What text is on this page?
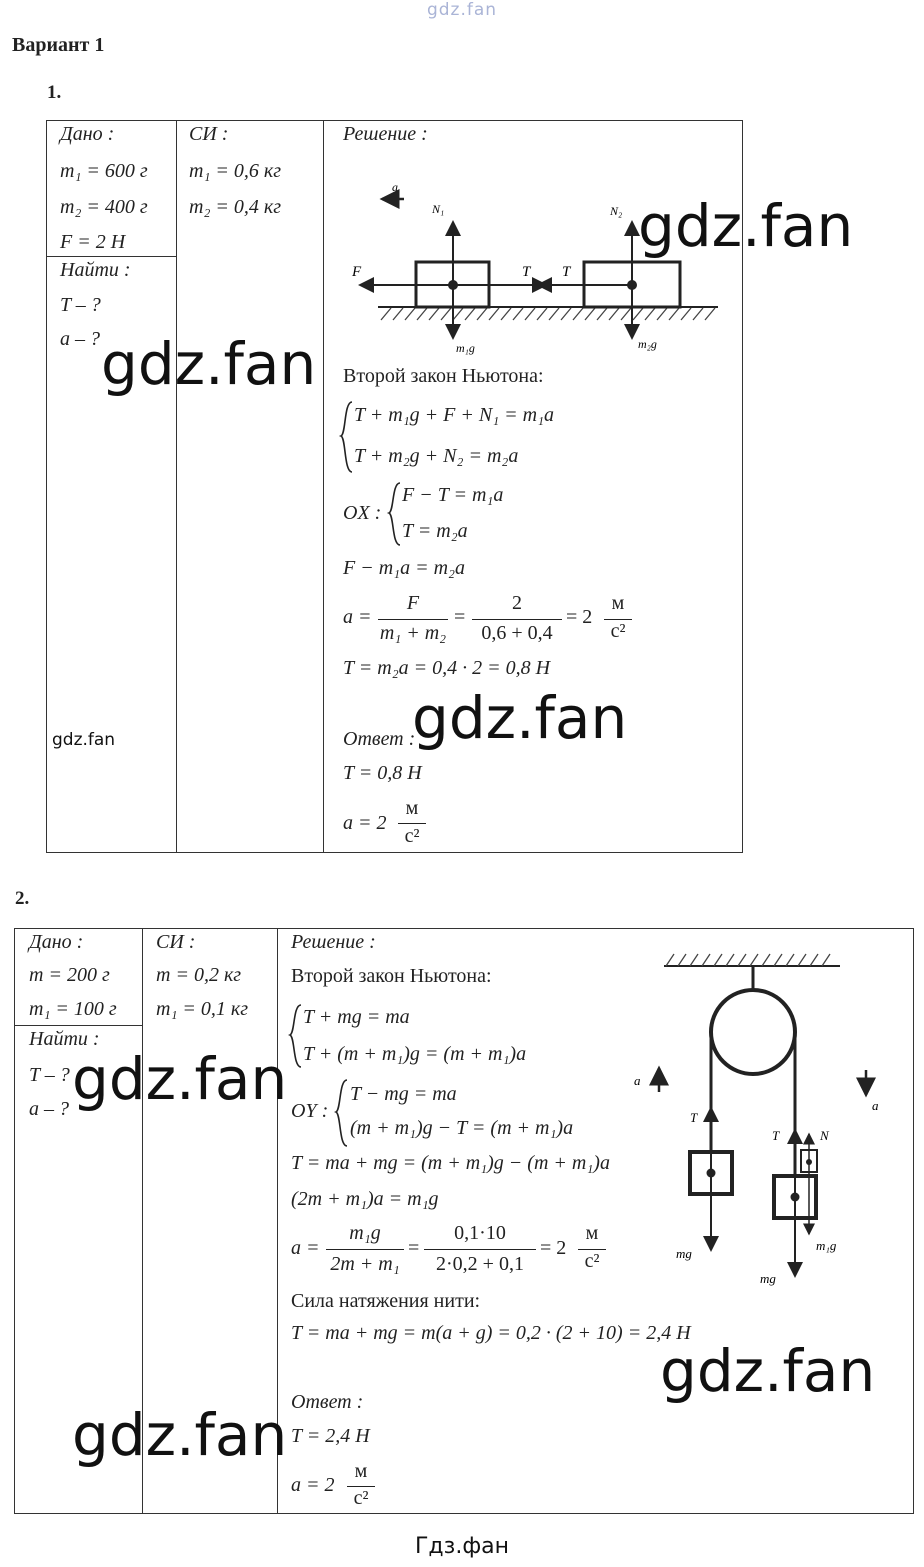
gdz.fan
Вариант 1
1.
Дано :
m₁ = 600 г
m₂ = 400 г
F = 2 Н
Найти :
T – ?
a – ?
СИ :
m₁ = 0,6 кг
m₂ = 0,4 кг
Решение :
a
N₁	N₂
F	T T
m₁g	m₂g
Второй закон Ньютона:
T + m₁g + F + N₁ = m₁a
T + m₂g + N₂ = m₂a
OX :
F − T = m₁a
T = m₂a
F − m₁a = m₂a
a =
F
m₁ + m₂
=
2
0,6 + 0,4
= 2
м
с²
T = m₂a = 0,4 · 2 = 0,8 Н
Ответ :
T = 0,8 Н
a = 2
м
с²
2.
Дано :
m = 200 г
m₁ = 100 г
Найти :
T – ?
a – ?
СИ :
m = 0,2 кг
m₁ = 0,1 кг
Решение :
Второй закон Ньютона:
T + mg = ma
T + (m + m₁)g = (m + m₁)a
OY :
T − mg = ma
(m + m₁)g − T = (m + m₁)a
T = ma + mg = (m + m₁)g − (m + m₁)a
(2m + m₁)a = m₁g
a =
m₁g
2m + m₁
=
0,1·10
2·0,2 + 0,1
= 2
м
с²
Сила натяжения нити:
T = ma + mg = m(a + g) = 0,2 · (2 + 10) = 2,4 Н
Ответ :
T = 2,4 Н
a = 2
м
с²
a
a
T
T	N
mg
mg
m₁g
gdz.fan
gdz.fan
gdz.fan
gdz.fan
gdz.fan
gdz.fan
gdz.fan
Гдз.фан
